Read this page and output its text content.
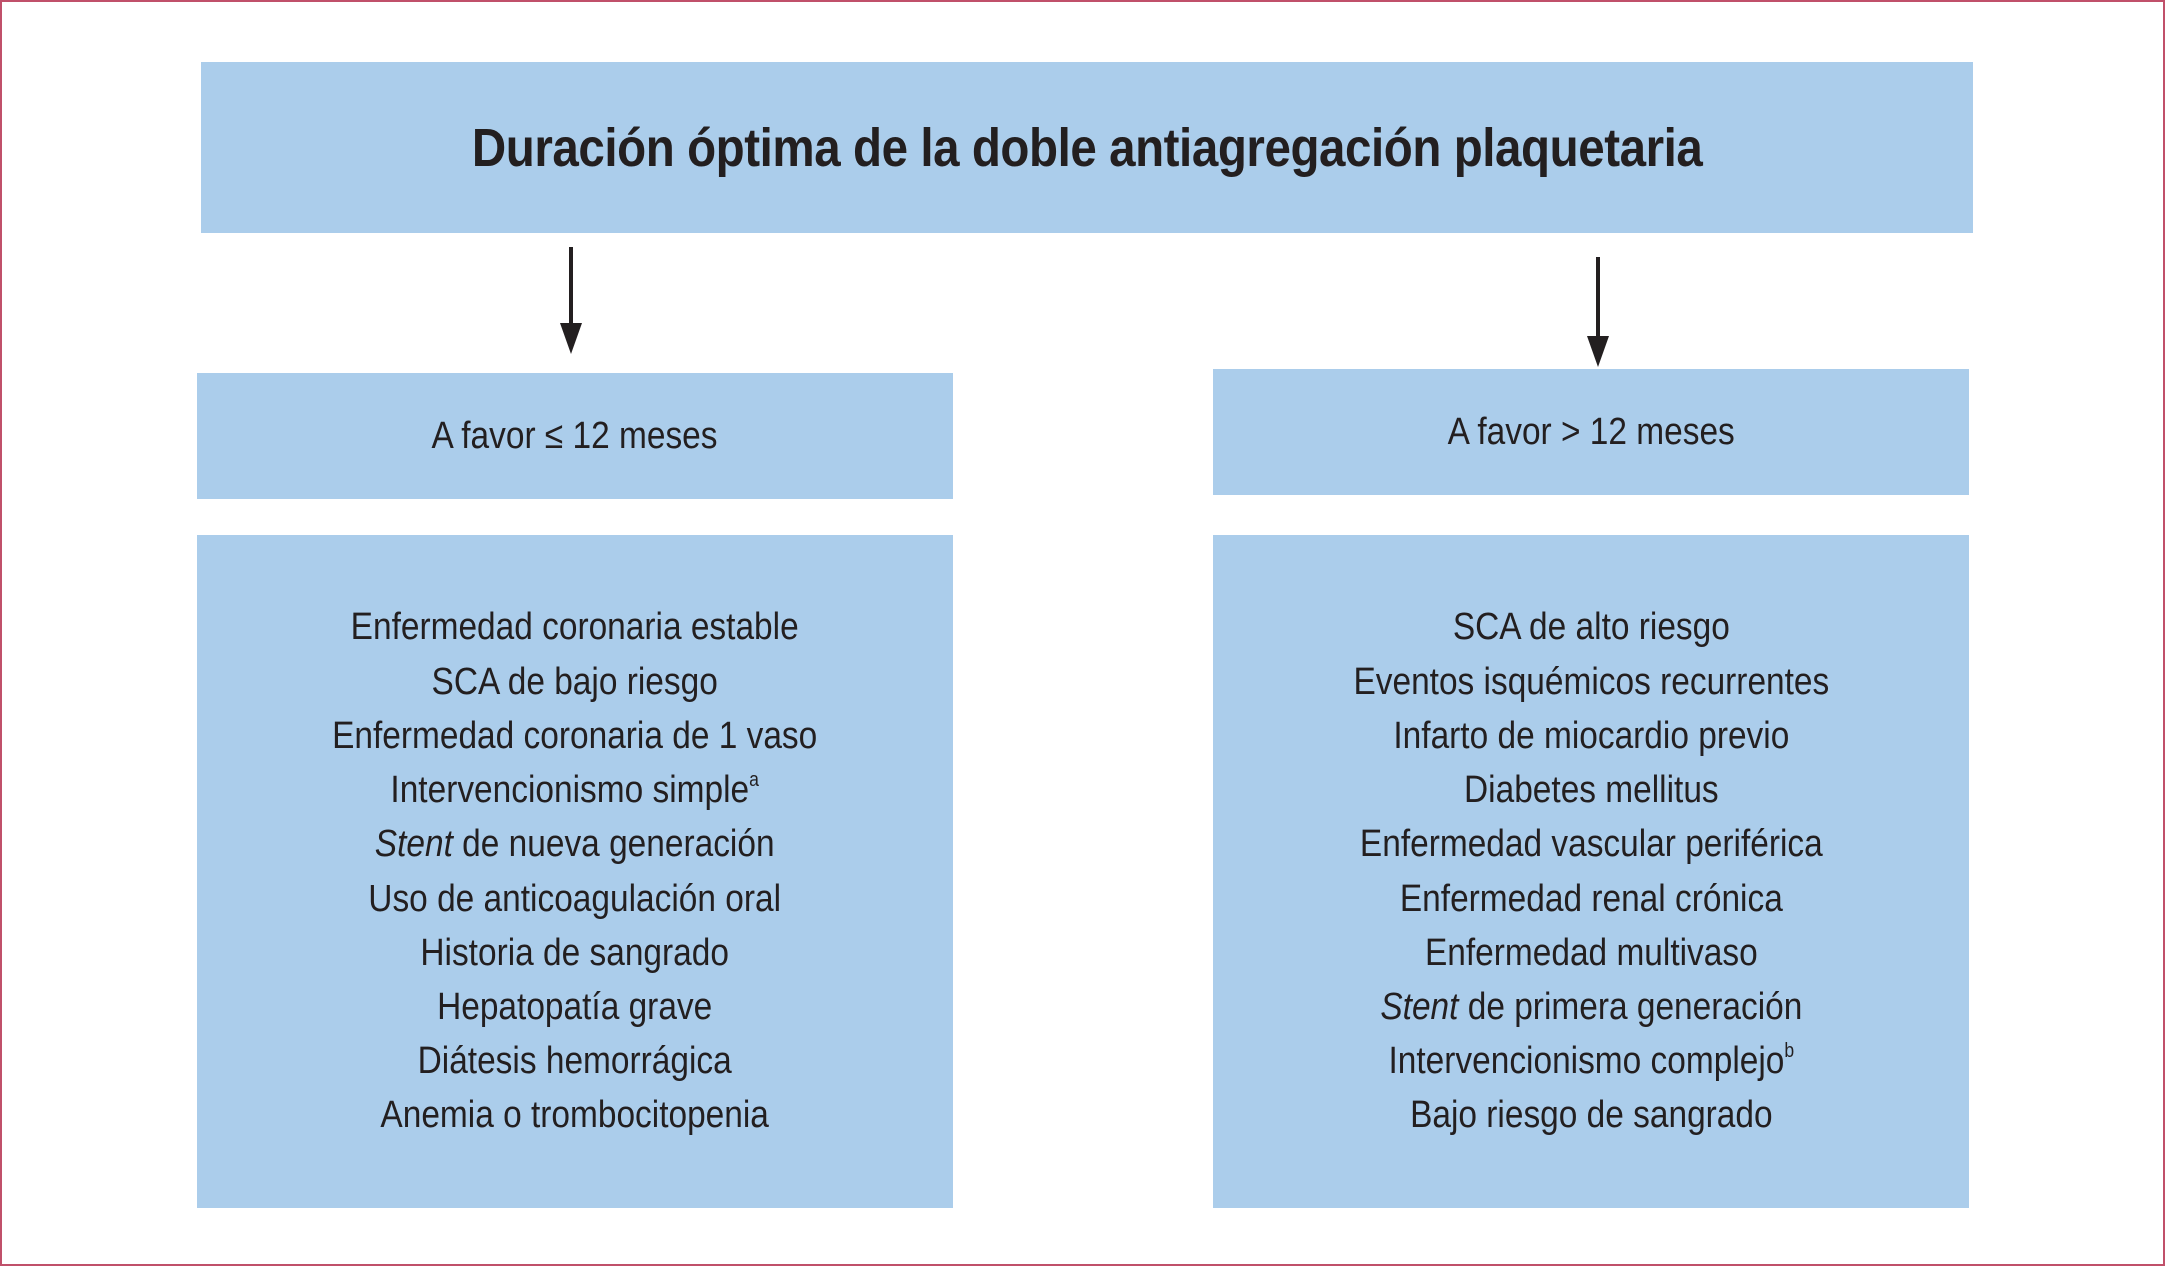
Duración óptima de la doble antiagregación plaquetaria
A favor ≤ 12 meses	A favor > 12 meses
Enfermedad coronaria estable
SCA de bajo riesgo
Enfermedad coronaria de 1 vaso
Intervencionismo simple$^a$
Stent de nueva generación
Uso de anticoagulación oral
Historia de sangrado
Hepatopatía grave
Diátesis hemorrágica
Anemia o trombocitopenia
SCA de alto riesgo
Eventos isquémicos recurrentes
Infarto de miocardio previo
Diabetes mellitus
Enfermedad vascular periférica
Enfermedad renal crónica
Enfermedad multivaso
Stent de primera generación
Intervencionismo complejo$^b$
Bajo riesgo de sangrado
